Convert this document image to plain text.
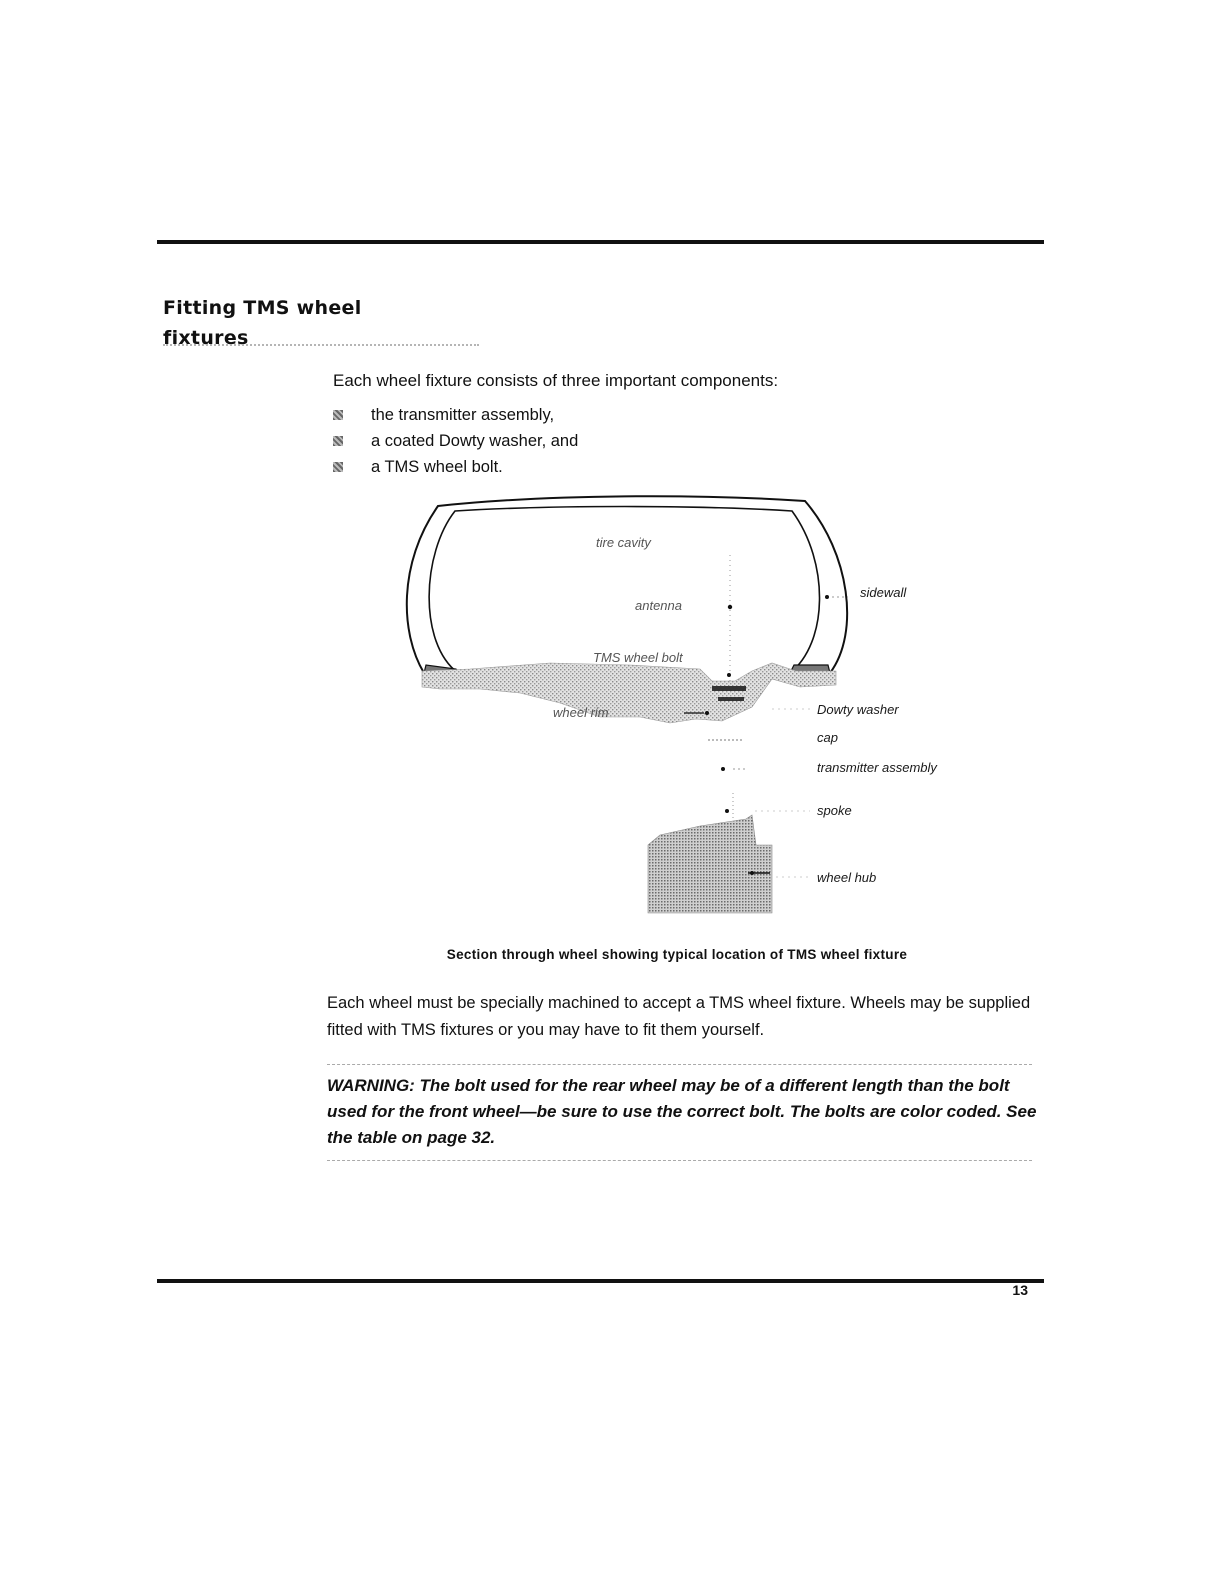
Fitting TMS wheel
fixtures

Each wheel fixture consists of three important components:

the transmitter assembly,
a coated Dowty washer, and
a TMS wheel bolt.
tire cavity
antenna
TMS wheel bolt
wheel rim
sidewall
Dowty washer
cap
transmitter assembly
spoke
wheel hub

Section through wheel showing typical location of TMS wheel fixture

Each wheel must be specially machined to accept a TMS wheel fixture. Wheels may be supplied fitted with TMS fixtures or you may have to fit them yourself.

WARNING: The bolt used for the rear wheel may be of a different length than the bolt used for the front wheel—be sure to use the correct bolt. The bolts are color coded. See the table on page 32.

13
